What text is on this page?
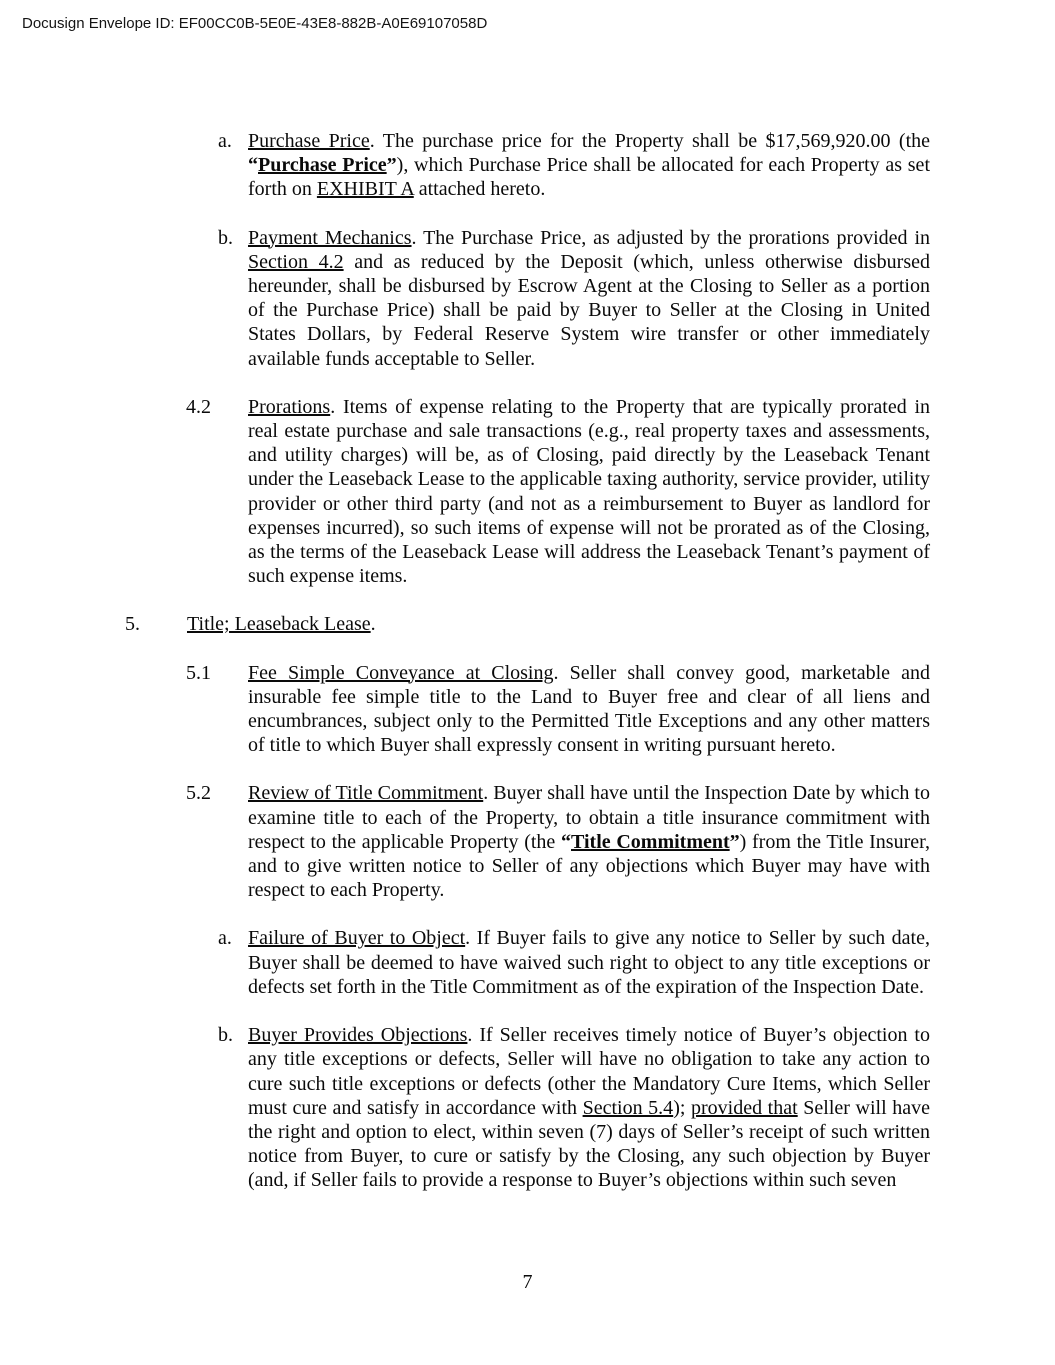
Docusign Envelope ID: EF00CC0B-5E0E-43E8-882B-A0E69107058D
a. Purchase Price. The purchase price for the Property shall be $17,569,920.00 (the “Purchase Price”), which Purchase Price shall be allocated for each Property as set forth on EXHIBIT A attached hereto.
b. Payment Mechanics. The Purchase Price, as adjusted by the prorations provided in Section 4.2 and as reduced by the Deposit (which, unless otherwise disbursed hereunder, shall be disbursed by Escrow Agent at the Closing to Seller as a portion of the Purchase Price) shall be paid by Buyer to Seller at the Closing in United States Dollars, by Federal Reserve System wire transfer or other immediately available funds acceptable to Seller.
4.2	Prorations. Items of expense relating to the Property that are typically prorated in real estate purchase and sale transactions (e.g., real property taxes and assessments, and utility charges) will be, as of Closing, paid directly by the Leaseback Tenant under the Leaseback Lease to the applicable taxing authority, service provider, utility provider or other third party (and not as a reimbursement to Buyer as landlord for expenses incurred), so such items of expense will not be prorated as of the Closing, as the terms of the Leaseback Lease will address the Leaseback Tenant’s payment of such expense items.
5.	Title; Leaseback Lease.
5.1	Fee Simple Conveyance at Closing. Seller shall convey good, marketable and insurable fee simple title to the Land to Buyer free and clear of all liens and encumbrances, subject only to the Permitted Title Exceptions and any other matters of title to which Buyer shall expressly consent in writing pursuant hereto.
5.2	Review of Title Commitment. Buyer shall have until the Inspection Date by which to examine title to each of the Property, to obtain a title insurance commitment with respect to the applicable Property (the “Title Commitment”) from the Title Insurer, and to give written notice to Seller of any objections which Buyer may have with respect to each Property.
a. Failure of Buyer to Object. If Buyer fails to give any notice to Seller by such date, Buyer shall be deemed to have waived such right to object to any title exceptions or defects set forth in the Title Commitment as of the expiration of the Inspection Date.
b. Buyer Provides Objections. If Seller receives timely notice of Buyer’s objection to any title exceptions or defects, Seller will have no obligation to take any action to cure such title exceptions or defects (other the Mandatory Cure Items, which Seller must cure and satisfy in accordance with Section 5.4); provided that Seller will have the right and option to elect, within seven (7) days of Seller’s receipt of such written notice from Buyer, to cure or satisfy by the Closing, any such objection by Buyer (and, if Seller fails to provide a response to Buyer’s objections within such seven
7
